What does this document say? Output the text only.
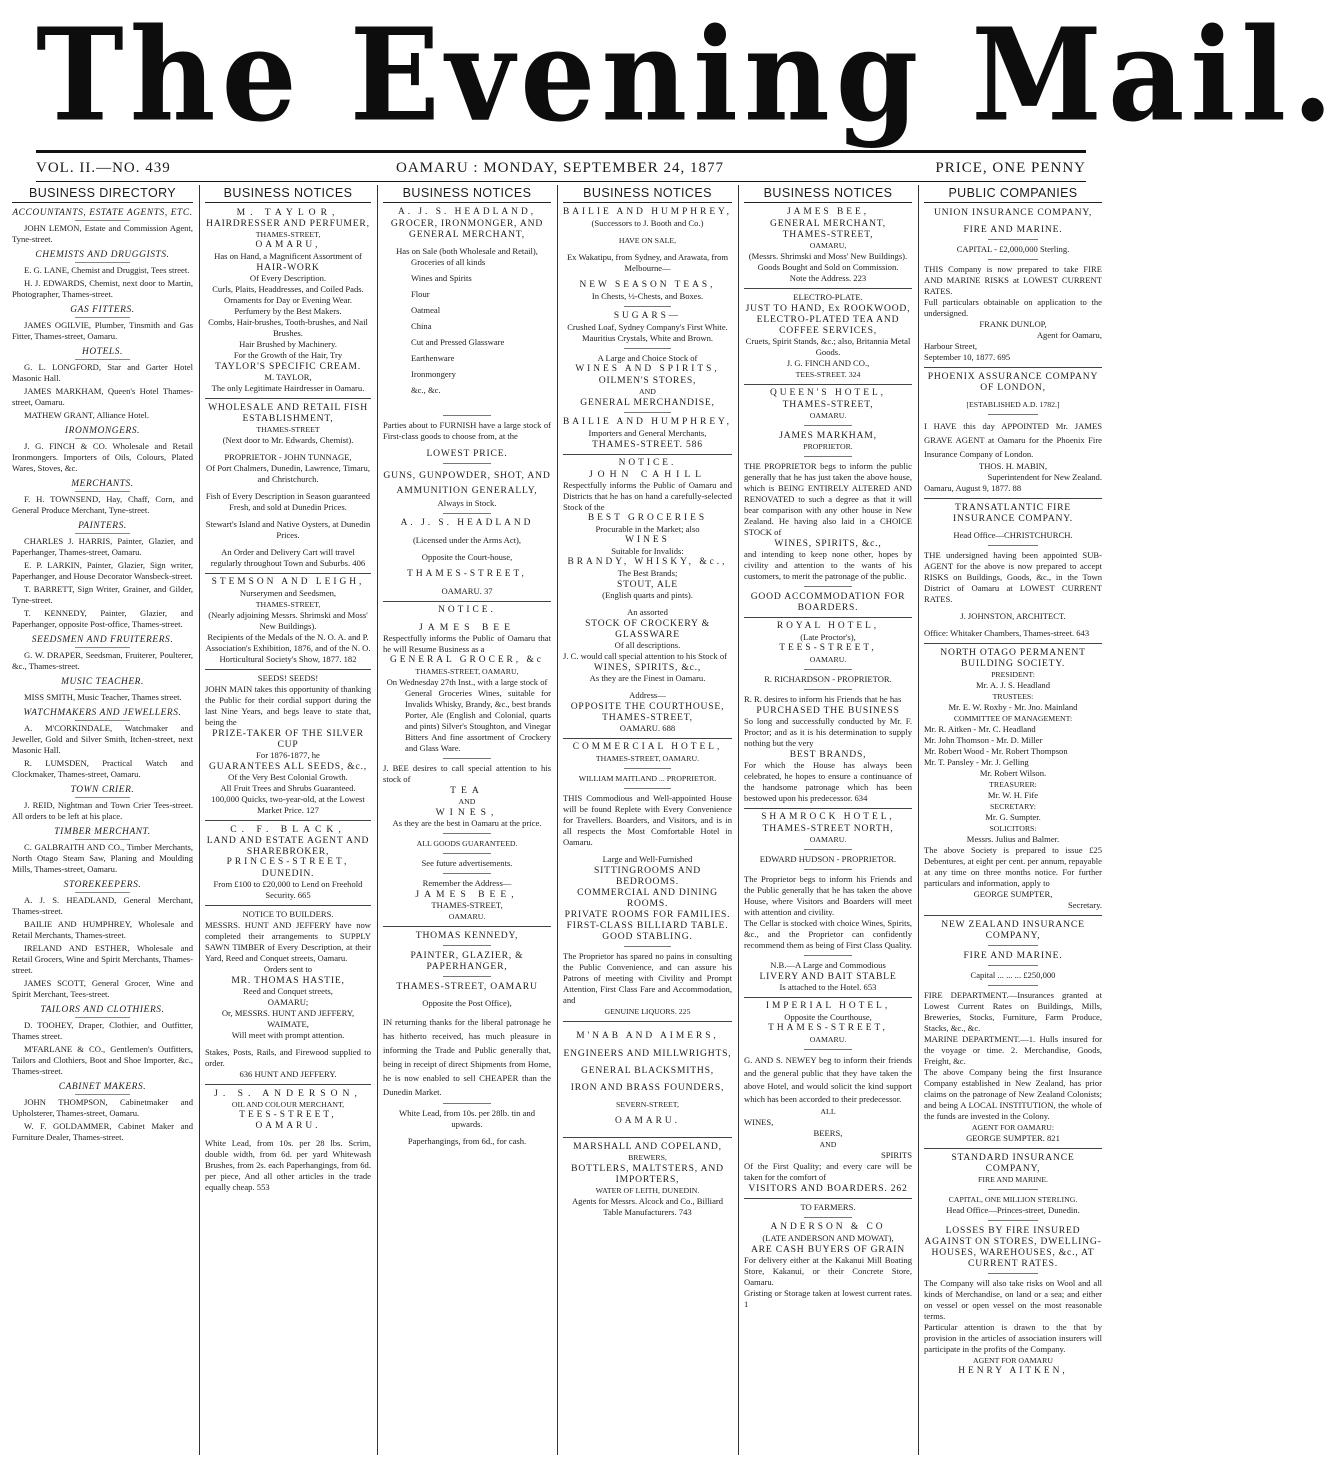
The Evening Mail.
VOL. II.—NO. 439	OAMARU : MONDAY, SEPTEMBER 24, 1877	PRICE, ONE PENNY
BUSINESS DIRECTORY
ACCOUNTANTS, ESTATE AGENTS, ETC.

JOHN LEMON, Estate and Commission Agent, Tyne-street.

CHEMISTS AND DRUGGISTS.

E. G. LANE, Chemist and Druggist, Tees street.

H. J. EDWARDS, Chemist, next door to Martin, Photographer, Thames-street.

GAS FITTERS.

JAMES OGILVIE, Plumber, Tinsmith and Gas Fitter, Thames-street, Oamaru.

HOTELS.

G. L. LONGFORD, Star and Garter Hotel Masonic Hall.

JAMES MARKHAM, Queen's Hotel Thames-street, Oamaru.

MATHEW GRANT, Alliance Hotel.

IRONMONGERS.

J. G. FINCH & CO. Wholesale and Retail Ironmongers. Importers of Oils, Colours, Plated Wares, Stoves, &c.

MERCHANTS.

F. H. TOWNSEND, Hay, Chaff, Corn, and General Produce Merchant, Tyne-street.

PAINTERS.

CHARLES J. HARRIS, Painter, Glazier, and Paperhanger, Thames-street, Oamaru.

E. P. LARKIN, Painter, Glazier, Sign writer, Paperhanger, and House Decorator Wansbeck-street.

T. BARRETT, Sign Writer, Grainer, and Gilder, Tyne-street.

T. KENNEDY, Painter, Glazier, and Paperhanger, opposite Post-office, Thames-street.

SEEDSMEN AND FRUITERERS.

G. W. DRAPER, Seedsman, Fruiterer, Poulterer, &c., Thames-street.

MUSIC TEACHER.

MISS SMITH, Music Teacher, Thames street.

WATCHMAKERS AND JEWELLERS.

A. M'CORKINDALE, Watchmaker and Jeweller, Gold and Silver Smith, Itchen-street, next Masonic Hall.

R. LUMSDEN, Practical Watch and Clockmaker, Thames-street, Oamaru.

TOWN CRIER.

J. REID, Nightman and Town Crier Tees-street. All orders to be left at his place.

TIMBER MERCHANT.

C. GALBRAITH AND CO., Timber Merchants, North Otago Steam Saw, Planing and Moulding Mills, Thames-street, Oamaru.

STOREKEEPERS.

A. J. S. HEADLAND, General Merchant, Thames-street.

BAILIE AND HUMPHREY, Wholesale and Retail Merchants, Thames-street.

IRELAND AND ESTHER, Wholesale and Retail Grocers, Wine and Spirit Merchants, Thames-street.

JAMES SCOTT, General Grocer, Wine and Spirit Merchant, Tees-street.

TAILORS AND CLOTHIERS.

D. TOOHEY, Draper, Clothier, and Outfitter, Thames street.

M'FARLANE & CO., Gentlemen's Outfitters, Tailors and Clothiers, Boot and Shoe Importer, &c., Thames-street.

CABINET MAKERS.

JOHN THOMPSON, Cabinetmaker and Upholsterer, Thames-street, Oamaru.

W. F. GOLDAMMER, Cabinet Maker and Furniture Dealer, Thames-street.

BUSINESS NOTICES

M. TAYLOR,

HAIRDRESSER AND PERFUMER,

THAMES-STREET,

OAMARU,

Has on Hand, a Magnificent Assortment of

HAIR-WORK

Of Every Description.

Curls, Plaits, Headdresses, and Coiled Pads.

Ornaments for Day or Evening Wear.

Perfumery by the Best Makers.

Combs, Hair-brushes, Tooth-brushes, and Nail Brushes.

Hair Brushed by Machinery.

For the Growth of the Hair, Try

TAYLOR'S SPECIFIC CREAM.

M. TAYLOR,

The only Legitimate Hairdresser in Oamaru.

WHOLESALE AND RETAIL FISH ESTABLISHMENT,

THAMES-STREET

(Next door to Mr. Edwards, Chemist).

PROPRIETOR - JOHN TUNNAGE,

Of Port Chalmers, Dunedin, Lawrence, Timaru, and Christchurch.

Fish of Every Description in Season guaranteed Fresh, and sold at Dunedin Prices.

Stewart's Island and Native Oysters, at Dunedin Prices.

An Order and Delivery Cart will travel regularly throughout Town and Suburbs. 406

STEMSON AND LEIGH,

Nurserymen and Seedsmen,

THAMES-STREET,

(Nearly adjoining Messrs. Shrimski and Moss' New Buildings).

Recipients of the Medals of the N. O. A. and P. Association's Exhibition, 1876, and of the N. O. Horticultural Society's Show, 1877. 182

SEEDS! SEEDS!

JOHN MAIN takes this opportunity of thanking the Public for their cordial support during the last Nine Years, and begs leave to state that, being the

PRIZE-TAKER OF THE SILVER CUP

For 1876-1877, he

GUARANTEES ALL SEEDS, &c.,

Of the Very Best Colonial Growth.

All Fruit Trees and Shrubs Guaranteed.

100,000 Quicks, two-year-old, at the Lowest Market Price. 127

C. F. BLACK,

LAND AND ESTATE AGENT AND

SHAREBROKER,

PRINCES-STREET,

DUNEDIN.

From £100 to £20,000 to Lend on Freehold Security. 665

NOTICE TO BUILDERS.

MESSRS. HUNT AND JEFFERY have now completed their arrangements to SUPPLY SAWN TIMBER of Every Description, at their Yard, Reed and Conquet streets, Oamaru.

Orders sent to

MR. THOMAS HASTIE,

Reed and Conquet streets,

OAMARU;

Or, MESSRS. HUNT AND JEFFERY,

WAIMATE,

Will meet with prompt attention.

Stakes, Posts, Rails, and Firewood supplied to order.

636 HUNT AND JEFFERY.

J. S. ANDERSON,

OIL AND COLOUR MERCHANT,

TEES-STREET, OAMARU.

White Lead, from 10s. per 28 lbs. Scrim, double width, from 6d. per yard Whitewash Brushes, from 2s. each Paperhangings, from 6d. per piece, And all other articles in the trade equally cheap. 553

BUSINESS NOTICES

A. J. S. HEADLAND,

GROCER, IRONMONGER, AND

GENERAL MERCHANT,

Has on Sale (both Wholesale and Retail),

Groceries of all kinds

Wines and Spirits

Flour

Oatmeal

China

Cut and Pressed Glassware

Earthenware

Ironmongery

&c., &c.

Parties about to FURNISH have a large stock of First-class goods to choose from, at the

LOWEST PRICE.

GUNS, GUNPOWDER, SHOT, AND AMMUNITION GENERALLY,

Always in Stock.

A. J. S. HEADLAND

(Licensed under the Arms Act),

Opposite the Court-house,

THAMES-STREET,

OAMARU. 37

NOTICE.

JAMES BEE

Respectfully informs the Public of Oamaru that he will Resume Business as a

GENERAL GROCER, &c

THAMES-STREET, OAMARU,

On Wednesday 27th Inst., with a large stock of

General Groceries Wines, suitable for Invalids Whisky, Brandy, &c., best brands Porter, Ale (English and Colonial, quarts and pints) Silver's Stoughton, and Vinegar Bitters And fine assortment of Crockery and Glass Ware.

J. BEE desires to call special attention to his stock of

TEA

AND

WINES,

As they are the best in Oamaru at the price.

ALL GOODS GUARANTEED.

See future advertisements.

Remember the Address—

JAMES BEE,

THAMES-STREET,

OAMARU.

THOMAS KENNEDY,

PAINTER, GLAZIER, & PAPERHANGER,

THAMES-STREET, OAMARU

Opposite the Post Office),

IN returning thanks for the liberal patronage he has hitherto received, has much pleasure in informing the Trade and Public generally that, being in receipt of direct Shipments from Home, he is now enabled to sell CHEAPER than the Dunedin Market.

White Lead, from 10s. per 28lb. tin and upwards.

Paperhangings, from 6d., for cash.

BUSINESS NOTICES

BAILIE AND HUMPHREY,

(Successors to J. Booth and Co.)

HAVE ON SALE,

Ex Wakatipu, from Sydney, and Arawata, from Melbourne—

NEW SEASON TEAS,

In Chests, ½-Chests, and Boxes.

SUGARS—

Crushed Loaf, Sydney Company's First White.

Mauritius Crystals, White and Brown.

A Large and Choice Stock of

WINES AND SPIRITS,

OILMEN'S STORES,

AND

GENERAL MERCHANDISE,

BAILIE AND HUMPHREY,

Importers and General Merchants,

THAMES-STREET. 586

NOTICE.

JOHN CAHILL

Respectfully informs the Public of Oamaru and Districts that he has on hand a carefully-selected Stock of the

BEST GROCERIES

Procurable in the Market; also

WINES

Suitable for Invalids:

BRANDY, WHISKY, &c.,

The Best Brands;

STOUT, ALE

(English quarts and pints).

An assorted

STOCK OF CROCKERY & GLASSWARE

Of all descriptions.

J. C. would call special attention to his Stock of

WINES, SPIRITS, &c.,

As they are the Finest in Oamaru.

Address—

OPPOSITE THE COURTHOUSE,

THAMES-STREET,

OAMARU. 688

COMMERCIAL HOTEL,

THAMES-STREET, OAMARU.

WILLIAM MAITLAND ... PROPRIETOR.

THIS Commodious and Well-appointed House will be found Replete with Every Convenience for Travellers. Boarders, and Visitors, and is in all respects the Most Comfortable Hotel in Oamaru.

Large and Well-Furnished

SITTINGROOMS AND BEDROOMS.

COMMERCIAL AND DINING ROOMS.

PRIVATE ROOMS FOR FAMILIES.

FIRST-CLASS BILLIARD TABLE.

GOOD STABLING.

The Proprietor has spared no pains in consulting the Public Convenience, and can assure his Patrons of meeting with Civility and Prompt Attention, First Class Fare and Accommodation, and

GENUINE LIQUORS. 225

M'NAB AND AIMERS,

ENGINEERS AND MILLWRIGHTS,

GENERAL BLACKSMITHS,

IRON AND BRASS FOUNDERS,

SEVERN-STREET,

OAMARU.

MARSHALL AND COPELAND,

BREWERS,

BOTTLERS, MALTSTERS, AND IMPORTERS,

WATER OF LEITH, DUNEDIN.

Agents for Messrs. Alcock and Co., Billiard Table Manufacturers. 743

BUSINESS NOTICES

JAMES BEE,

GENERAL MERCHANT,

THAMES-STREET,

OAMARU,

(Messrs. Shrimski and Moss' New Buildings).

Goods Bought and Sold on Commission.

Note the Address. 223

ELECTRO-PLATE.

JUST TO HAND, Ex ROOKWOOD, ELECTRO-PLATED TEA AND COFFEE SERVICES,

Cruets, Spirit Stands, &c.; also, Britannia Metal Goods.

J. G. FINCH AND CO.,

TEES-STREET. 324

QUEEN'S HOTEL,

THAMES-STREET,

OAMARU.

JAMES MARKHAM,

PROPRIETOR.

THE PROPRIETOR begs to inform the public generally that he has just taken the above house, which is BEING ENTIRELY ALTERED AND RENOVATED to such a degree as that it will bear comparison with any other house in New Zealand. He having also laid in a CHOICE STOCK of

WINES, SPIRITS, &c.,

and intending to keep none other, hopes by civility and attention to the wants of his customers, to merit the patronage of the public.

GOOD ACCOMMODATION FOR BOARDERS.

ROYAL HOTEL,

(Late Proctor's),

TEES-STREET,

OAMARU.

R. RICHARDSON - PROPRIETOR.

R. R. desires to inform his Friends that he has

PURCHASED THE BUSINESS

So long and successfully conducted by Mr. F. Proctor; and as it is his determination to supply nothing but the very

BEST BRANDS,

For which the House has always been celebrated, he hopes to ensure a continuance of the handsome patronage which has been bestowed upon his predecessor. 634

SHAMROCK HOTEL,

THAMES-STREET NORTH,

OAMARU.

EDWARD HUDSON - PROPRIETOR.

The Proprietor begs to inform his Friends and the Public generally that he has taken the above House, where Visitors and Boarders will meet with attention and civility.

The Cellar is stocked with choice Wines, Spirits, &c., and the Proprietor can confidently recommend them as being of First Class Quality.

N.B.—A Large and Commodious

LIVERY AND BAIT STABLE

Is attached to the Hotel. 653

IMPERIAL HOTEL,

Opposite the Courthouse,

THAMES-STREET,

OAMARU.

G. AND S. NEWEY beg to inform their friends and the general public that they have taken the above Hotel, and would solicit the kind support which has been accorded to their predecessor.

ALL

WINES,

BEERS,

AND

SPIRITS

Of the First Quality; and every care will be taken for the comfort of

VISITORS AND BOARDERS. 262

TO FARMERS.

ANDERSON & CO

(LATE ANDERSON AND MOWAT),

ARE CASH BUYERS OF GRAIN

For delivery either at the Kakanui Mill Boating Store, Kakanui, or their Concrete Store, Oamaru.

Gristing or Storage taken at lowest current rates. 1

PUBLIC COMPANIES

UNION INSURANCE COMPANY,

FIRE AND MARINE.

CAPITAL - £2,000,000 Sterling.

THIS Company is now prepared to take FIRE AND MARINE RISKS at LOWEST CURRENT RATES.

Full particulars obtainable on application to the undersigned.

FRANK DUNLOP,

Agent for Oamaru,

Harbour Street,

September 10, 1877. 695

PHOENIX ASSURANCE COMPANY OF LONDON,

[ESTABLISHED A.D. 1782.]

I HAVE this day APPOINTED Mr. JAMES GRAVE AGENT at Oamaru for the Phoenix Fire Insurance Company of London.

THOS. H. MABIN,

Superintendent for New Zealand.

Oamaru, August 9, 1877. 88

TRANSATLANTIC FIRE INSURANCE COMPANY.

Head Office—CHRISTCHURCH.

THE undersigned having been appointed SUB-AGENT for the above is now prepared to accept RISKS on Buildings, Goods, &c., in the Town District of Oamaru at LOWEST CURRENT RATES.

J. JOHNSTON, ARCHITECT.

Office: Whitaker Chambers, Thames-street. 643

NORTH OTAGO PERMANENT BUILDING SOCIETY.

PRESIDENT:

Mr. A. J. S. Headland

TRUSTEES:

Mr. E. W. Roxby - Mr. Jno. Mainland

COMMITTEE OF MANAGEMENT:

Mr. R. Aitken - Mr. C. Headland

Mr. John Thomson - Mr. D. Miller

Mr. Robert Wood - Mr. Robert Thompson

Mr. T. Pansley - Mr. J. Gelling

Mr. Robert Wilson.

TREASURER:

Mr. W. H. Fife

SECRETARY:

Mr. G. Sumpter.

SOLICITORS:

Messrs. Julius and Balmer.

The above Society is prepared to issue £25 Debentures, at eight per cent. per annum, repayable at any time on three months notice. For further particulars and information, apply to

GEORGE SUMPTER,

Secretary.

NEW ZEALAND INSURANCE COMPANY,

FIRE AND MARINE.

Capital ... ... ... £250,000

FIRE DEPARTMENT.—Insurances granted at Lowest Current Rates on Buildings, Mills, Breweries, Stocks, Furniture, Farm Produce, Stacks, &c., &c.

MARINE DEPARTMENT.—1. Hulls insured for the voyage or time. 2. Merchandise, Goods, Freight, &c.

The above Company being the first Insurance Company established in New Zealand, has prior claims on the patronage of New Zealand Colonists; and being A LOCAL INSTITUTION, the whole of the funds are invested in the Colony.

AGENT FOR OAMARU:

GEORGE SUMPTER. 821

STANDARD INSURANCE COMPANY,

FIRE AND MARINE.

CAPITAL, ONE MILLION STERLING.

Head Office—Princes-street, Dunedin.

LOSSES BY FIRE INSURED AGAINST ON STORES, DWELLING-HOUSES, WAREHOUSES, &c., AT CURRENT RATES.

The Company will also take risks on Wool and all kinds of Merchandise, on land or a sea; and either on vessel or open vessel on the most reasonable terms.

Particular attention is drawn to the that by provision in the articles of association insurers will participate in the profits of the Company.

AGENT FOR OAMARU

HENRY AITKEN,
